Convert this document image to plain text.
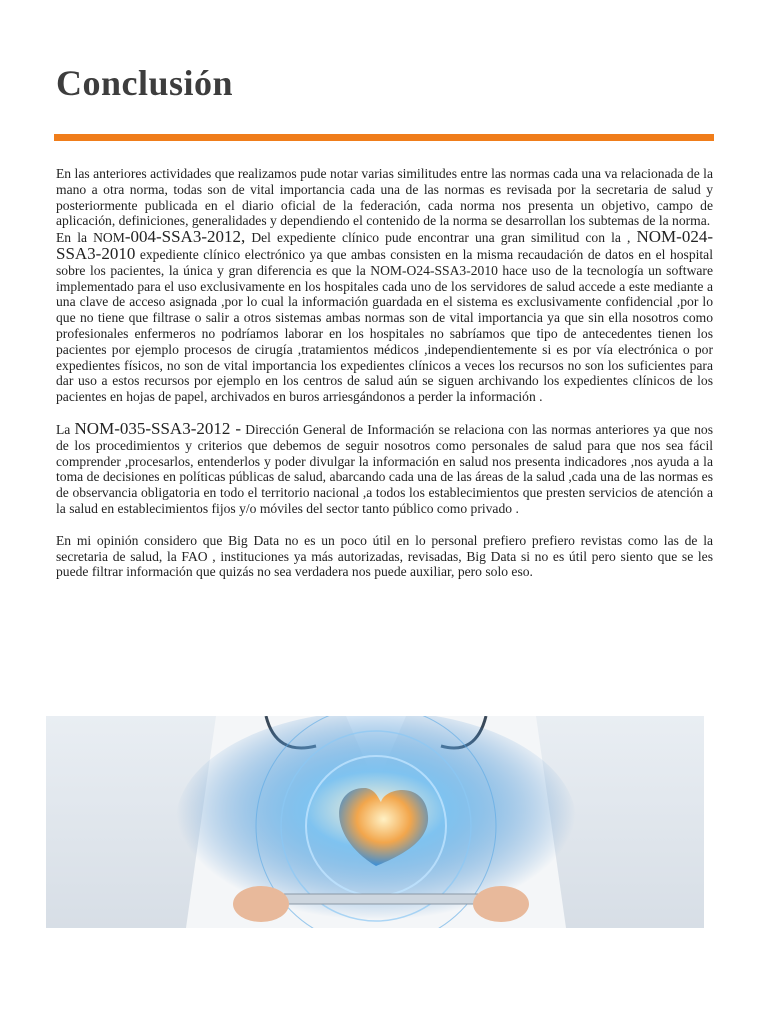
Conclusión

En las anteriores actividades que realizamos pude notar varias similitudes entre las normas cada una va relacionada de la mano a otra norma, todas son de vital importancia cada una de las normas es revisada por la secretaria de salud y posteriormente publicada en el diario oficial de la federación, cada norma nos presenta un objetivo, campo de aplicación, definiciones, generalidades y dependiendo el contenido de la norma se desarrollan los subtemas de la norma.

En la NOM-004-SSA3-2012, Del expediente clínico pude encontrar una gran similitud con la , NOM-024-SSA3-2010 expediente clínico electrónico ya que ambas consisten en la misma recaudación de datos en el hospital sobre los pacientes, la única y gran diferencia es que la NOM-O24-SSA3-2010 hace uso de la tecnología un software implementado para el uso exclusivamente en los hospitales cada uno de los servidores de salud accede a este mediante a una clave de acceso asignada ,por lo cual la información guardada en el sistema es exclusivamente confidencial ,por lo que no tiene que filtrase o salir a otros sistemas ambas normas son de vital importancia ya que sin ella nosotros como profesionales enfermeros no podríamos laborar en los hospitales no sabríamos que tipo de antecedentes tienen los pacientes por ejemplo procesos de cirugía ,tratamientos médicos ,independientemente si es por vía electrónica o por expedientes físicos, no son de vital importancia los expedientes clínicos a veces los recursos no son los suficientes para dar uso a estos recursos por ejemplo en los centros de salud aún se siguen archivando los expedientes clínicos de los pacientes en hojas de papel, archivados en buros arriesgándonos a perder la información .

La NOM-035-SSA3-2012 - Dirección General de Información se relaciona con las normas anteriores ya que nos de los procedimientos y criterios que debemos de seguir nosotros como personales de salud para que nos sea fácil comprender ,procesarlos, entenderlos y poder divulgar la información en salud nos presenta indicadores ,nos ayuda a la toma de decisiones en políticas públicas de salud, abarcando cada una de las áreas de la salud ,cada una de las normas es de observancia obligatoria en todo el territorio nacional ,a todos los establecimientos que presten servicios de atención a la salud en establecimientos fijos y/o móviles del sector tanto público como privado .

En mi opinión considero que Big Data no es un poco útil en lo personal prefiero prefiero revistas como las de la secretaria de salud, la FAO , instituciones ya más autorizadas, revisadas, Big Data si no es útil pero siento que se les puede filtrar información que quizás no sea verdadera nos puede auxiliar, pero solo eso.
